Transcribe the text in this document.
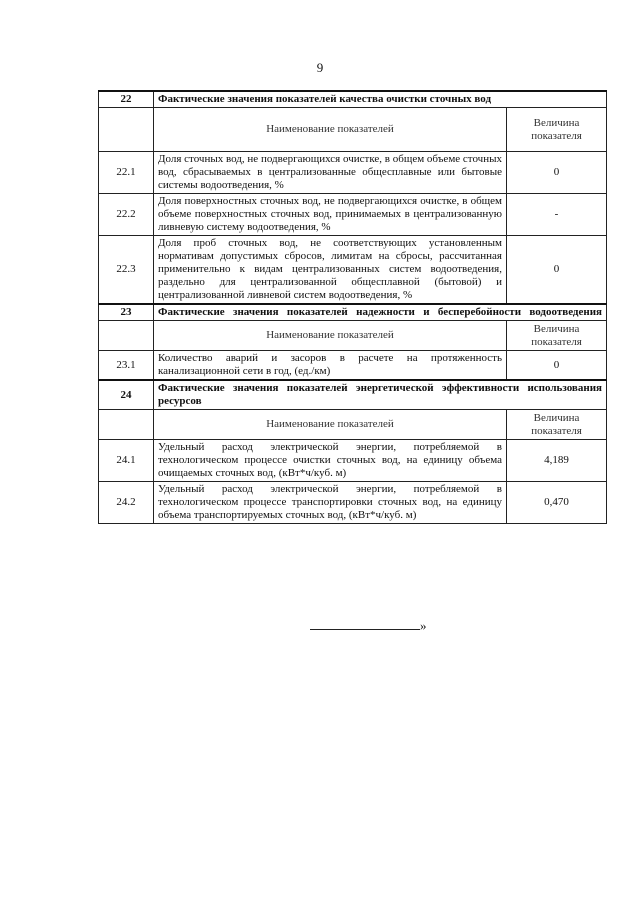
9
22	Фактические значения показателей качества очистки сточных вод	
	Наименование показателей	Величина показателя
22.1	Доля сточных вод, не подвергающихся очистке, в общем объеме сточных вод, сбрасываемых в централизованные общесплавные или бытовые системы водоотведения, %	0
22.2	Доля поверхностных сточных вод, не подвергающихся очистке, в общем объеме поверхностных сточных вод, принимаемых в централизованную ливневую систему водоотведения, %	-
22.3	Доля проб сточных вод, не соответствующих установленным нормативам допустимых сбросов, лимитам на сбросы, рассчитанная применительно к видам централизованных систем водоотведения, раздельно для централизованной общесплавной (бытовой) и централизованной ливневой систем водоотведения, %	0
23	Фактические значения показателей надежности и бесперебойности водоотведения	
	Наименование показателей	Величина показателя
23.1	Количество аварий и засоров в расчете на протяженность канализационной сети в год, (ед./км)	0
24	Фактические значения показателей энергетической эффективности использования ресурсов	
	Наименование показателей	Величина показателя
24.1	Удельный расход электрической энергии, потребляемой в технологическом процессе очистки сточных вод, на единицу объема очищаемых сточных вод, (кВт*ч/куб. м)	4,189
24.2	Удельный расход электрической энергии, потребляемой в технологическом процессе транспортировки сточных вод, на единицу объема транспортируемых сточных вод, (кВт*ч/куб. м)	0,470
»
